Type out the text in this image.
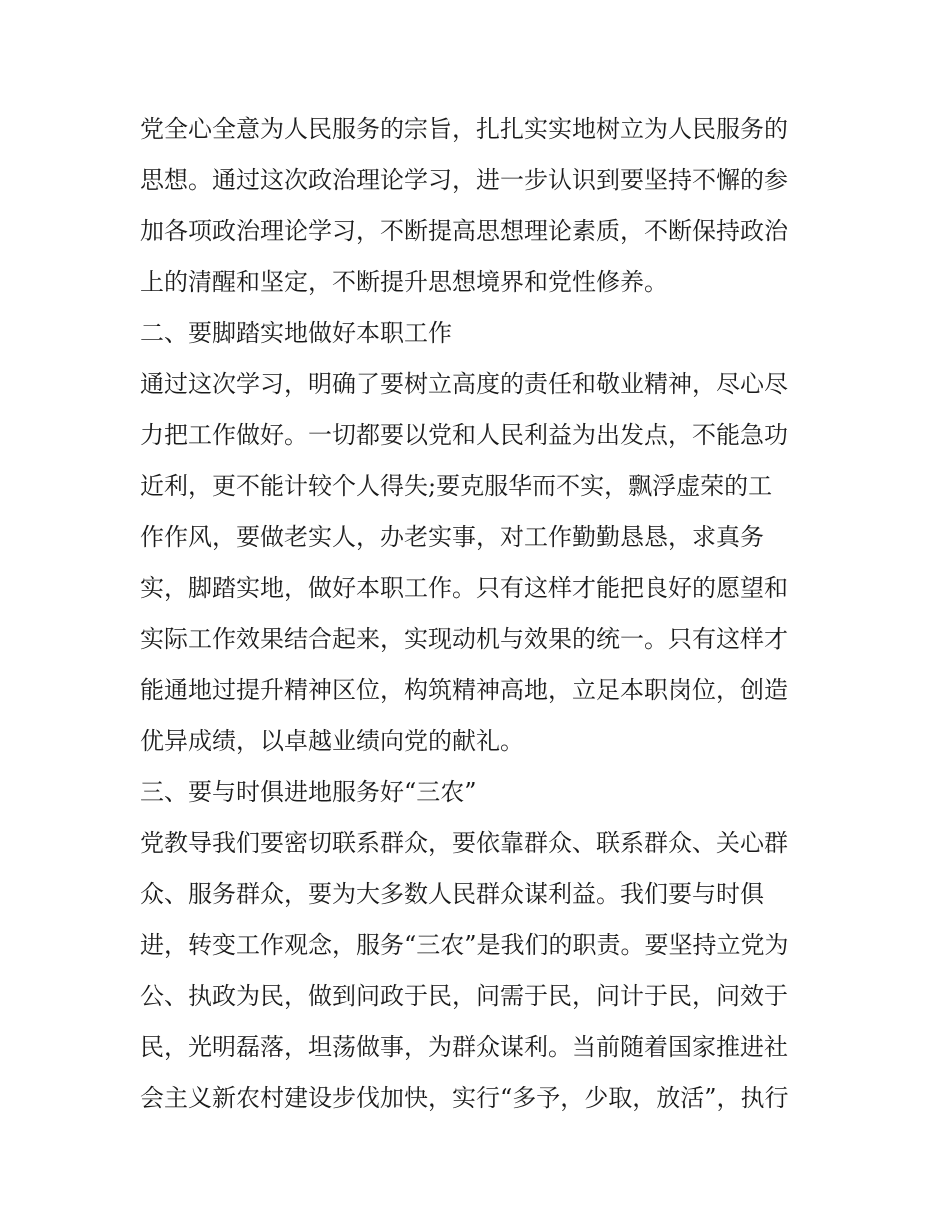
党全心全意为人民服务的宗旨，扎扎实实地树立为人民服务的
思想。通过这次政治理论学习，进一步认识到要坚持不懈的参
加各项政治理论学习，不断提高思想理论素质，不断保持政治
上的清醒和坚定，不断提升思想境界和党性修养。
二、要脚踏实地做好本职工作
通过这次学习，明确了要树立高度的责任和敬业精神，尽心尽
力把工作做好。一切都要以党和人民利益为出发点，不能急功
近利，更不能计较个人得失;要克服华而不实，飘浮虚荣的工
作作风，要做老实人，办老实事，对工作勤勤恳恳，求真务
实，脚踏实地，做好本职工作。只有这样才能把良好的愿望和
实际工作效果结合起来，实现动机与效果的统一。只有这样才
能通地过提升精神区位，构筑精神高地，立足本职岗位，创造
优异成绩，以卓越业绩向党的献礼。
三、要与时俱进地服务好“三农”
党教导我们要密切联系群众，要依靠群众、联系群众、关心群
众、服务群众，要为大多数人民群众谋利益。我们要与时俱
进，转变工作观念，服务“三农”是我们的职责。要坚持立党为
公、执政为民，做到问政于民，问需于民，问计于民，问效于
民，光明磊落，坦荡做事，为群众谋利。当前随着国家推进社
会主义新农村建设步伐加快，实行“多予，少取，放活”，执行
